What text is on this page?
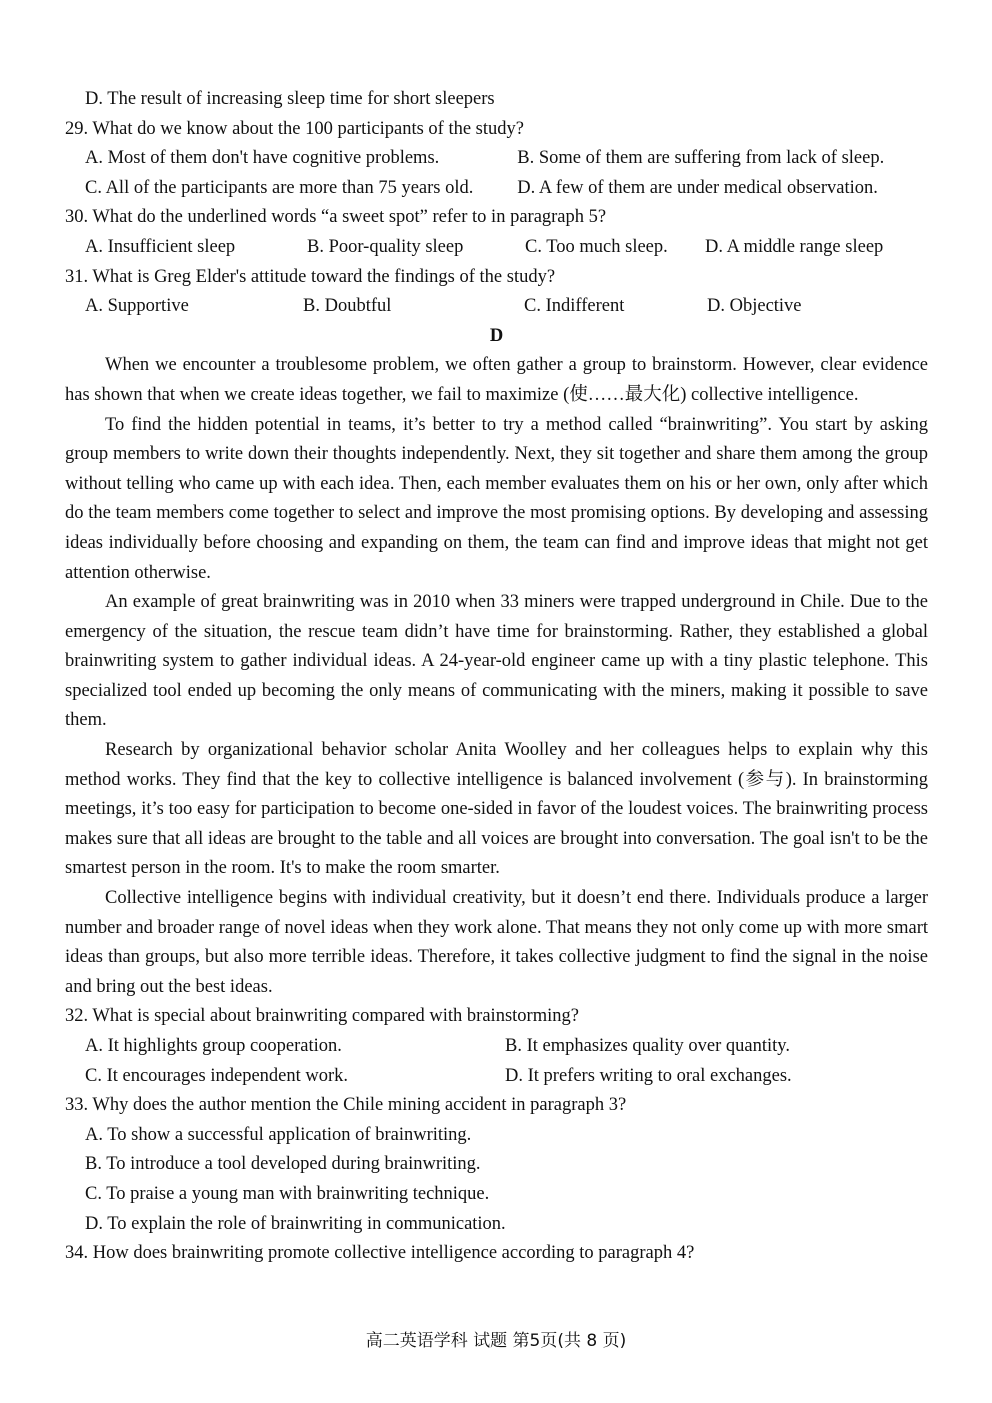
D. The result of increasing sleep time for short sleepers
29. What do we know about the 100 participants of the study?
A. Most of them don't have cognitive problems.	B. Some of them are suffering from lack of sleep.
C. All of the participants are more than 75 years old.	D. A few of them are under medical observation.
30. What do the underlined words “a sweet spot” refer to in paragraph 5?
A. Insufficient sleep	B. Poor-quality sleep	C. Too much sleep.	D. A middle range sleep
31. What is Greg Elder's attitude toward the findings of the study?
A. Supportive	B. Doubtful	C. Indifferent	D. Objective
D

When we encounter a troublesome problem, we often gather a group to brainstorm. However, clear evidence has shown that when we create ideas together, we fail to maximize (使……最大化) collective intelligence.

To find the hidden potential in teams, it’s better to try a method called “brainwriting”. You start by asking group members to write down their thoughts independently. Next, they sit together and share them among the group without telling who came up with each idea. Then, each member evaluates them on his or her own, only after which do the team members come together to select and improve the most promising options. By developing and assessing ideas individually before choosing and expanding on them, the team can find and improve ideas that might not get attention otherwise.

An example of great brainwriting was in 2010 when 33 miners were trapped underground in Chile. Due to the emergency of the situation, the rescue team didn’t have time for brainstorming. Rather, they established a global brainwriting system to gather individual ideas. A 24-year-old engineer came up with a tiny plastic telephone. This specialized tool ended up becoming the only means of communicating with the miners, making it possible to save them.

Research by organizational behavior scholar Anita Woolley and her colleagues helps to explain why this method works. They find that the key to collective intelligence is balanced involvement (参与). In brainstorming meetings, it’s too easy for participation to become one-sided in favor of the loudest voices. The brainwriting process makes sure that all ideas are brought to the table and all voices are brought into conversation. The goal isn't to be the smartest person in the room. It's to make the room smarter.

Collective intelligence begins with individual creativity, but it doesn’t end there. Individuals produce a larger number and broader range of novel ideas when they work alone. That means they not only come up with more smart ideas than groups, but also more terrible ideas. Therefore, it takes collective judgment to find the signal in the noise and bring out the best ideas.

32. What is special about brainwriting compared with brainstorming?
A. It highlights group cooperation.	B. It emphasizes quality over quantity.
C. It encourages independent work.	D. It prefers writing to oral exchanges.
33. Why does the author mention the Chile mining accident in paragraph 3?
A. To show a successful application of brainwriting.
B. To introduce a tool developed during brainwriting.
C. To praise a young man with brainwriting technique.
D. To explain the role of brainwriting in communication.
34. How does brainwriting promote collective intelligence according to paragraph 4?
高二英语学科 试题 第5页(共 8 页)
